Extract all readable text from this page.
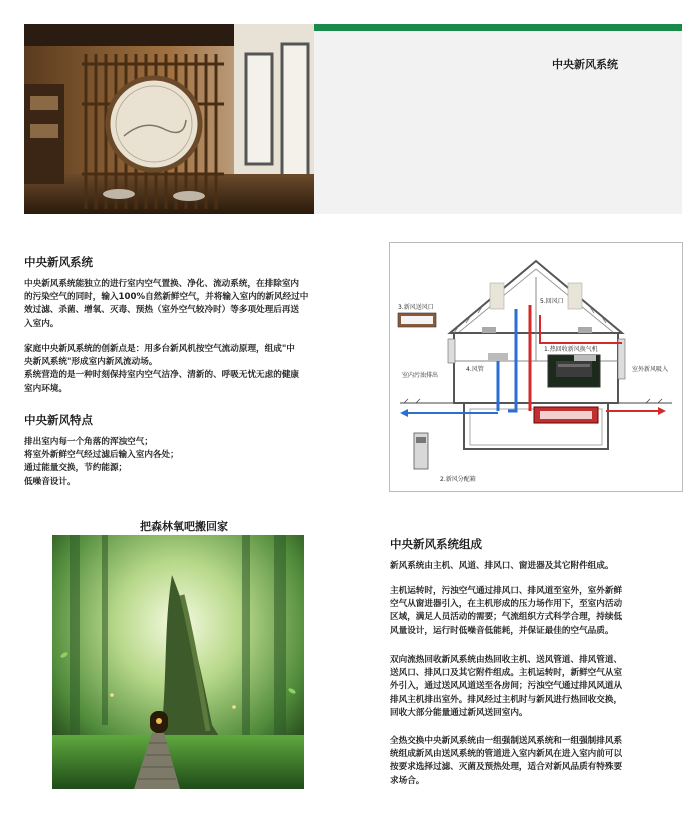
中央新风系统
中央新风系统
中央新风系统能独立的进行室内空气置换、净化、流动系统，在排除室内
的污染空气的同时，输入100%自然新鲜空气，并将输入室内的新风经过中
效过滤、杀菌、增氧、灭毒、预热（室外空气较冷时）等多项处理后再送
入室内。
家庭中央新风系统的创新点是：用多台新风机按空气流动原理，组成"中
央新风系统"形成室内新风流动场。
系统营造的是一种时刻保持室内空气洁净、清新的、呼吸无忧无虑的健康
室内环境。
中央新风特点
排出室内每一个角落的浑浊空气；
将室外新鲜空气经过滤后输入室内各处；
通过能量交换，节约能源；
低噪音设计。
3.新风送风口
5.回风口
1.热回收新风换气机
4.风管
室内污浊排出
室外新风吸入
2.新风分配箱
把森林氧吧搬回家
中央新风系统组成
新风系统由主机、风道、排风口、窗进器及其它附件组成。
主机运转时，污浊空气通过排风口、排风道至室外，室外新鲜
空气从窗进器引入，在主机形成的压力场作用下，至室内活动
区域，满足人员活动的需要；气流组织方式科学合理，持续低
风量设计，运行时低噪音低能耗，并保证最佳的空气品质。
双向流热回收新风系统由热回收主机、送风管道、排风管道、
送风口、排风口及其它附件组成。主机运转时，新鲜空气从室
外引入，通过送风风道送至各房间；污浊空气通过排风风道从
排风主机排出室外。排风经过主机时与新风进行热回收交换，
回收大部分能量通过新风送回室内。
全热交换中央新风系统由一组强制送风系统和一组强制排风系
统组成新风由送风系统的管道进入室内新风在进入室内前可以
按要求选择过滤、灭菌及预热处理，适合对新风品质有特殊要
求场合。
